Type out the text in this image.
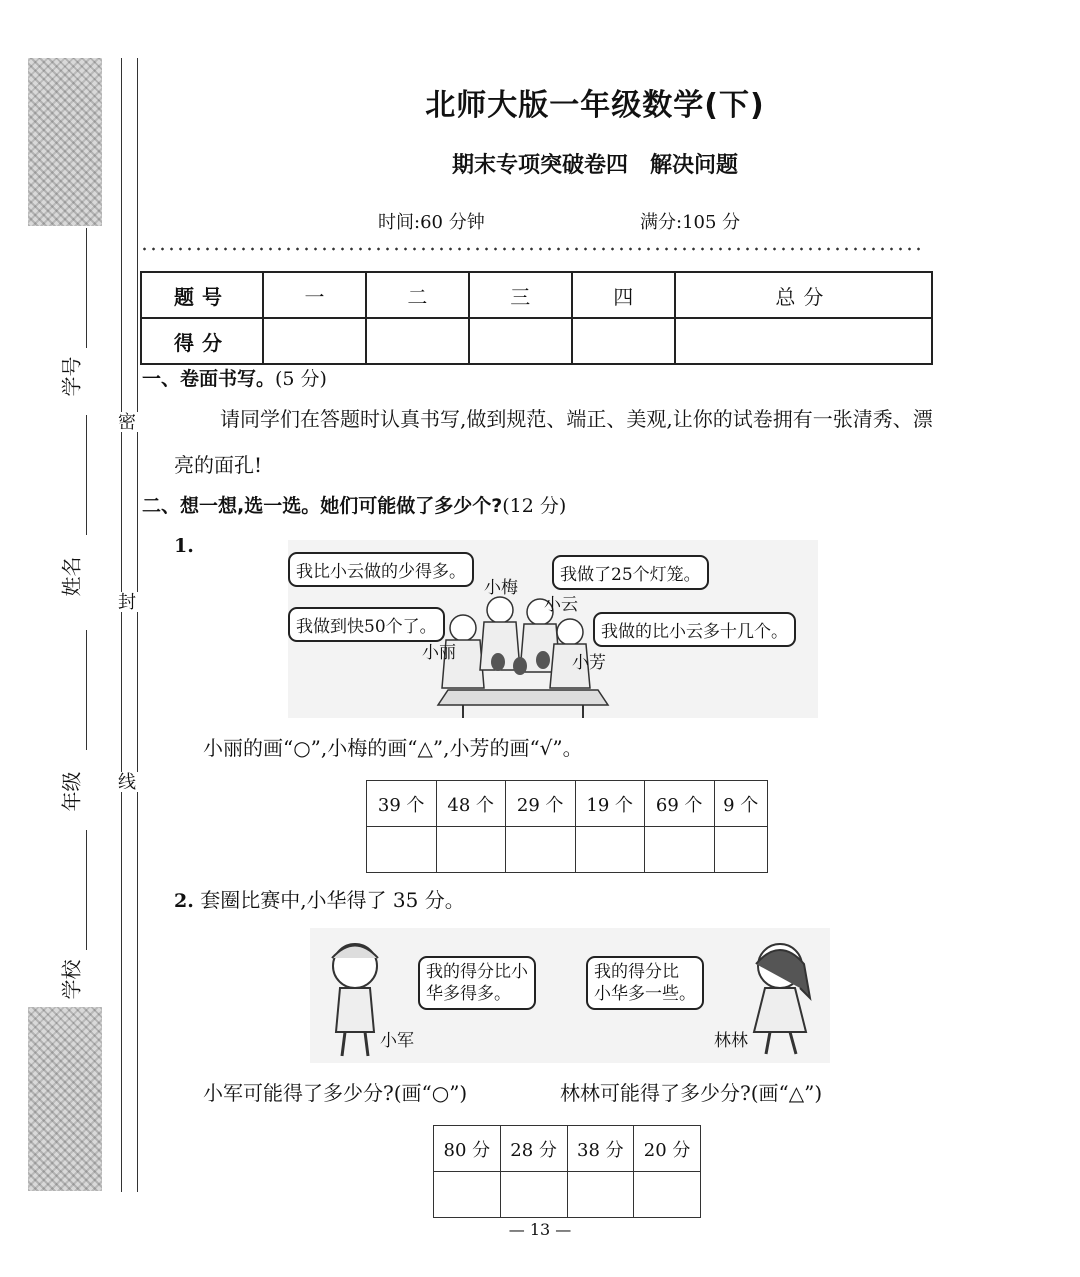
学号
姓名
年级
学校
密
封
线
北师大版一年级数学(下)
期末专项突破卷四　解决问题
时间:60 分钟	满分:105 分
题号	一	二	三	四	总分
得分					
一、卷面书写。(5 分)
请同学们在答题时认真书写,做到规范、端正、美观,让你的试卷拥有一张清秀、漂亮的面孔!
二、想一想,选一选。她们可能做了多少个?(12 分)
1.
我比小云做的少得多。	我做了25个灯笼。
我做到快50个了。	我做的比小云多十几个。
小梅
小云
小丽	小芳
小丽的画“○”,小梅的画“△”,小芳的画“√”。
39 个	48 个	29 个	19 个	69 个	9 个

2. 套圈比赛中,小华得了 35 分。
我的得分比小
华多得多。
我的得分比
小华多一些。
小军	林林
小军可能得了多少分?(画“○”)	林林可能得了多少分?(画“△”)
80 分	28 分	38 分	20 分

— 13 —
